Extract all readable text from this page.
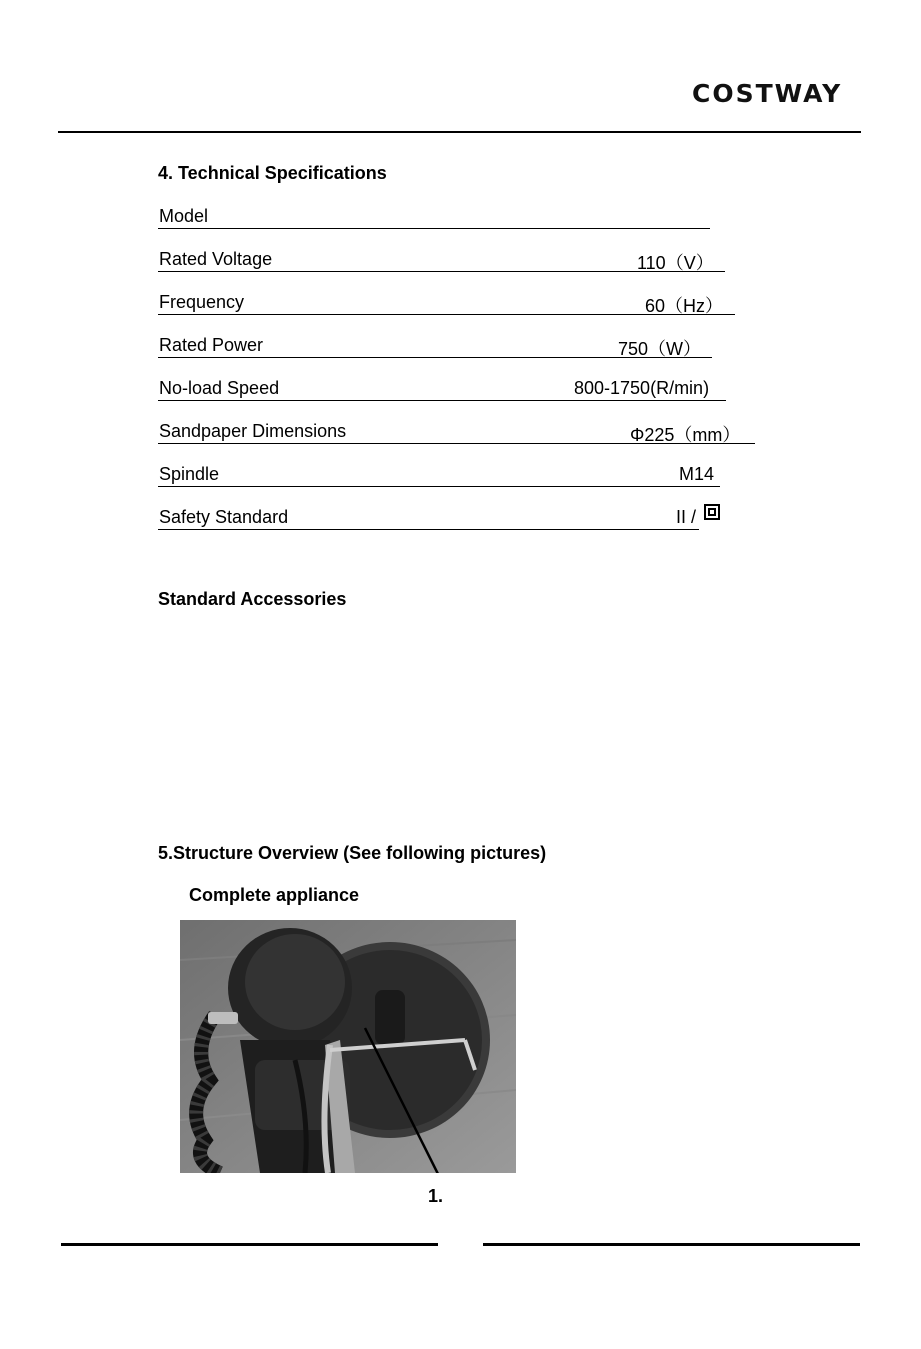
COSTWAY
4. Technical Specifications
Model
Rated Voltage	110（V）
Frequency	60（Hz）
Rated Power	750（W）
No-load Speed	800-1750(R/min)
Sandpaper Dimensions	Φ225（mm）
Spindle	M14
Safety Standard	II /
Standard Accessories
5.Structure Overview (See following pictures)
Complete appliance
1.
